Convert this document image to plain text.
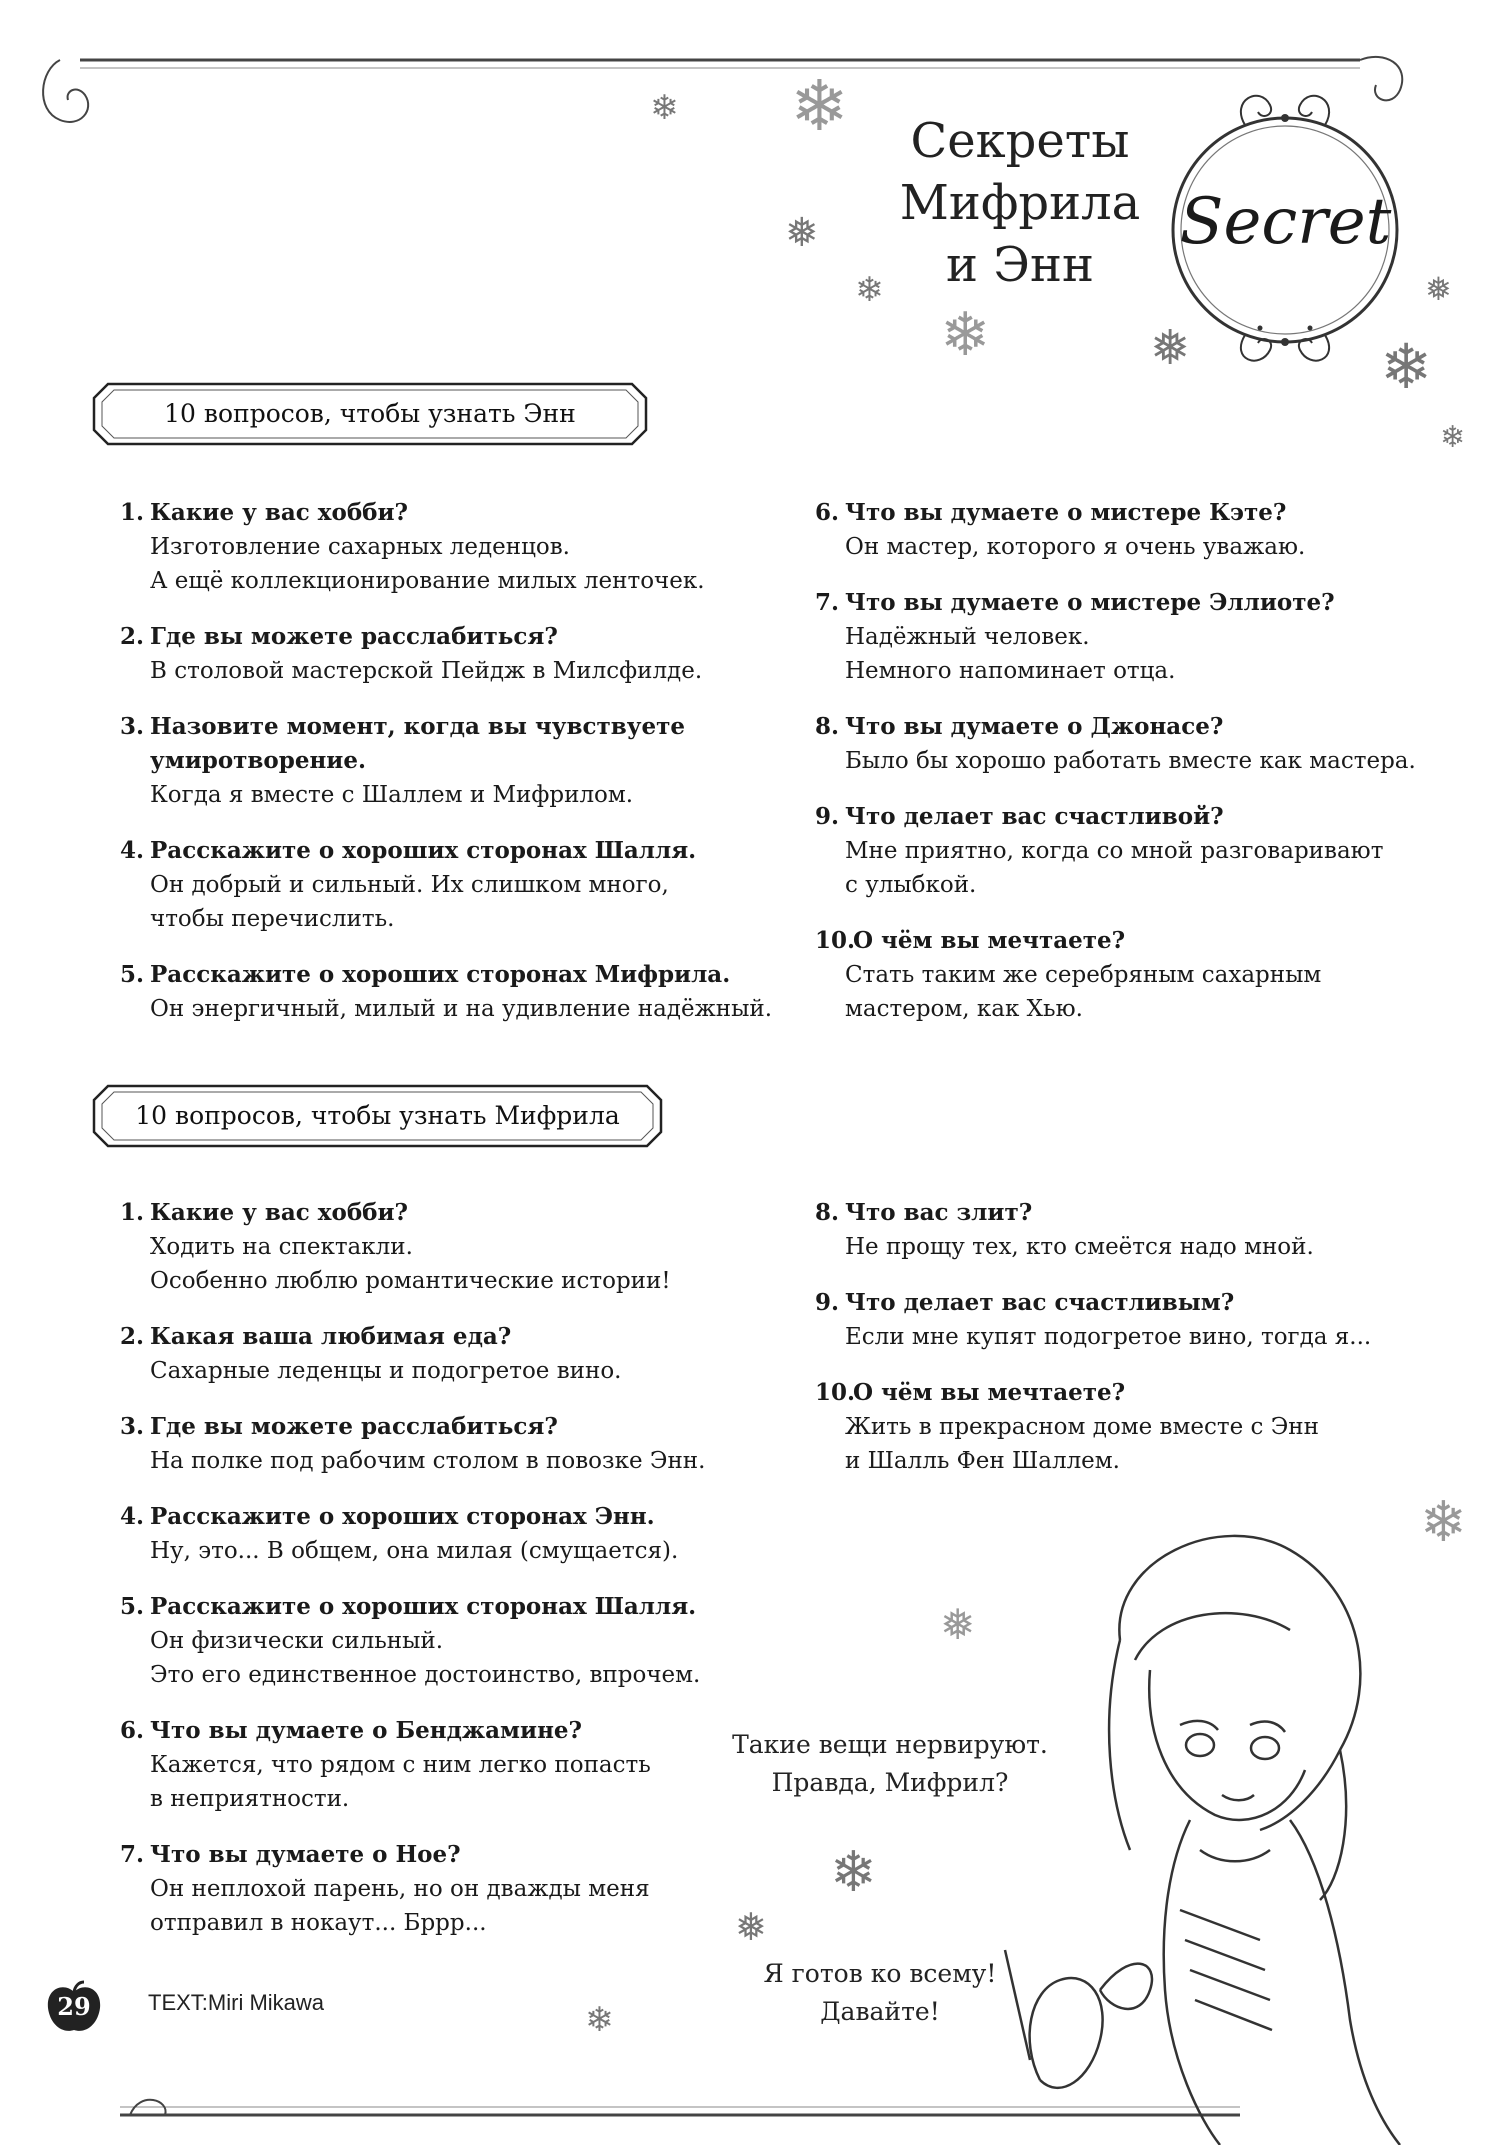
Секреты
Мифрила
и Энн
Secret
❄ ❄
❅
❄
❄	❅	❄
❅
❄
❄
❅
❄
❅
❄
10 вопросов, чтобы узнать Энн
1. Какие у вас хобби?
Изготовление сахарных леденцов.
А ещё коллекционирование милых ленточек.
2. Где вы можете расслабиться?
В столовой мастерской Пейдж в Милсфилде.
3. Назовите момент, когда вы чувствуете умиротворение.
Когда я вместе с Шаллем и Мифрилом.
4. Расскажите о хороших сторонах Шалля.
Он добрый и сильный. Их слишком много,
чтобы перечислить.
5. Расскажите о хороших сторонах Мифрила.
Он энергичный, милый и на удивление надёжный.
6. Что вы думаете о мистере Кэте?
Он мастер, которого я очень уважаю.
7. Что вы думаете о мистере Эллиоте?
Надёжный человек.
Немного напоминает отца.
8. Что вы думаете о Джонасе?
Было бы хорошо работать вместе как мастера.
9. Что делает вас счастливой?
Мне приятно, когда со мной разговаривают
с улыбкой.
10.О чём вы мечтаете?
Стать таким же серебряным сахарным
мастером, как Хью.
10 вопросов, чтобы узнать Мифрила
1. Какие у вас хобби?
Ходить на спектакли.
Особенно люблю романтические истории!
2. Какая ваша любимая еда?
Сахарные леденцы и подогретое вино.
3. Где вы можете расслабиться?
На полке под рабочим столом в повозке Энн.
4. Расскажите о хороших сторонах Энн.
Ну, это... В общем, она милая (смущается).
5. Расскажите о хороших сторонах Шалля.
Он физически сильный.
Это его единственное достоинство, впрочем.
6. Что вы думаете о Бенджамине?
Кажется, что рядом с ним легко попасть
в неприятности.
7. Что вы думаете о Ное?
Он неплохой парень, но он дважды меня
отправил в нокаут... Бррр...
8. Что вас злит?
Не прощу тех, кто смеётся надо мной.
9. Что делает вас счастливым?
Если мне купят подогретое вино, тогда я...
10.О чём вы мечтаете?
Жить в прекрасном доме вместе с Энн
и Шалль Фен Шаллем.
Такие вещи нервируют.
Правда, Мифрил?
Я готов ко всему!
Давайте!
TEXT:Miri Mikawa
29
